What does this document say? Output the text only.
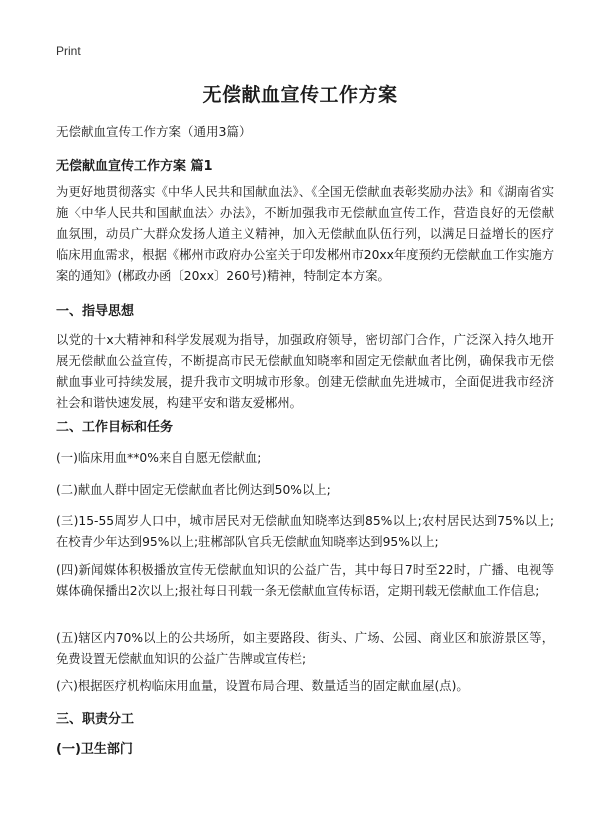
Print
无偿献血宣传工作方案
无偿献血宣传工作方案（通用3篇）
无偿献血宣传工作方案 篇1

为更好地贯彻落实《中华人民共和国献血法》、《全国无偿献血表彰奖励办法》和《湖南省实施〈中华人民共和国献血法〉办法》，不断加强我市无偿献血宣传工作，营造良好的无偿献血氛围，动员广大群众发扬人道主义精神，加入无偿献血队伍行列，以满足日益增长的医疗临床用血需求，根据《郴州市政府办公室关于印发郴州市20xx年度预约无偿献血工作实施方案的通知》(郴政办函〔20xx〕260号)精神，特制定本方案。

一、指导思想

以党的十x大精神和科学发展观为指导，加强政府领导，密切部门合作，广泛深入持久地开展无偿献血公益宣传，不断提高市民无偿献血知晓率和固定无偿献血者比例，确保我市无偿献血事业可持续发展，提升我市文明城市形象。创建无偿献血先进城市，全面促进我市经济社会和谐快速发展，构建平安和谐友爱郴州。

二、工作目标和任务

(一)临床用血**0%来自自愿无偿献血;

(二)献血人群中固定无偿献血者比例达到50%以上;

(三)15-55周岁人口中，城市居民对无偿献血知晓率达到85%以上;农村居民达到75%以上;在校青少年达到95%以上;驻郴部队官兵无偿献血知晓率达到95%以上;

(四)新闻媒体积极播放宣传无偿献血知识的公益广告，其中每日7时至22时，广播、电视等媒体确保播出2次以上;报社每日刊载一条无偿献血宣传标语，定期刊载无偿献血工作信息;

(五)辖区内70%以上的公共场所，如主要路段、街头、广场、公园、商业区和旅游景区等，免费设置无偿献血知识的公益广告牌或宣传栏;

(六)根据医疗机构临床用血量，设置布局合理、数量适当的固定献血屋(点)。

三、职责分工
(一)卫生部门
